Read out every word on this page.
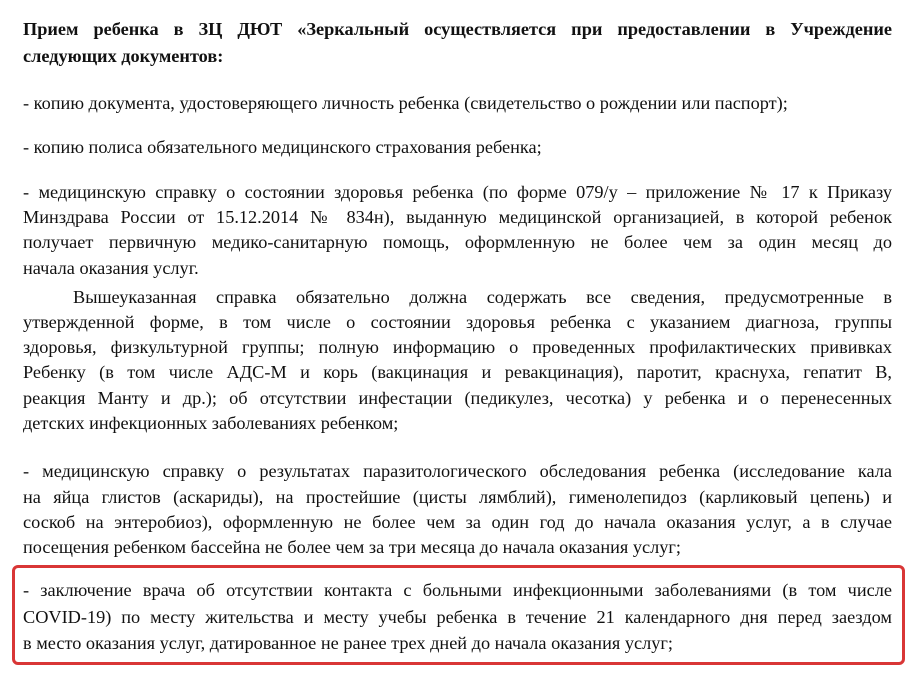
Прием ребенка в ЗЦ ДЮТ «Зеркальный осуществляется при предоставлении в Учреждение
следующих документов:
- копию документа, удостоверяющего личность ребенка (свидетельство о рождении или паспорт);
- копию полиса обязательного медицинского страхования ребенка;
- медицинскую справку о состоянии здоровья ребенка (по форме 079/у – приложение № 17 к Приказу
Минздрава России от 15.12.2014 № 834н), выданную медицинской организацией, в которой ребенок
получает первичную медико-санитарную помощь, оформленную не более чем за один месяц до
начала оказания услуг.
Вышеуказанная справка обязательно должна содержать все сведения, предусмотренные в
утвержденной форме, в том числе о состоянии здоровья ребенка с указанием диагноза, группы
здоровья, физкультурной группы; полную информацию о проведенных профилактических прививках
Ребенку (в том числе АДС-М и корь (вакцинация и ревакцинация), паротит, краснуха, гепатит В,
реакция Манту и др.); об отсутствии инфестации (педикулез, чесотка) у ребенка и о перенесенных
детских инфекционных заболеваниях ребенком;
- медицинскую справку о результатах паразитологического обследования ребенка (исследование кала
на яйца глистов (аскариды), на простейшие (цисты лямблий), гименолепидоз (карликовый цепень) и
соскоб на энтеробиоз), оформленную не более чем за один год до начала оказания услуг, а в случае
посещения ребенком бассейна не более чем за три месяца до начала оказания услуг;
- заключение врача об отсутствии контакта с больными инфекционными заболеваниями (в том числе
COVID-19) по месту жительства и месту учебы ребенка в течение 21 календарного дня перед заездом
в место оказания услуг, датированное не ранее трех дней до начала оказания услуг;
